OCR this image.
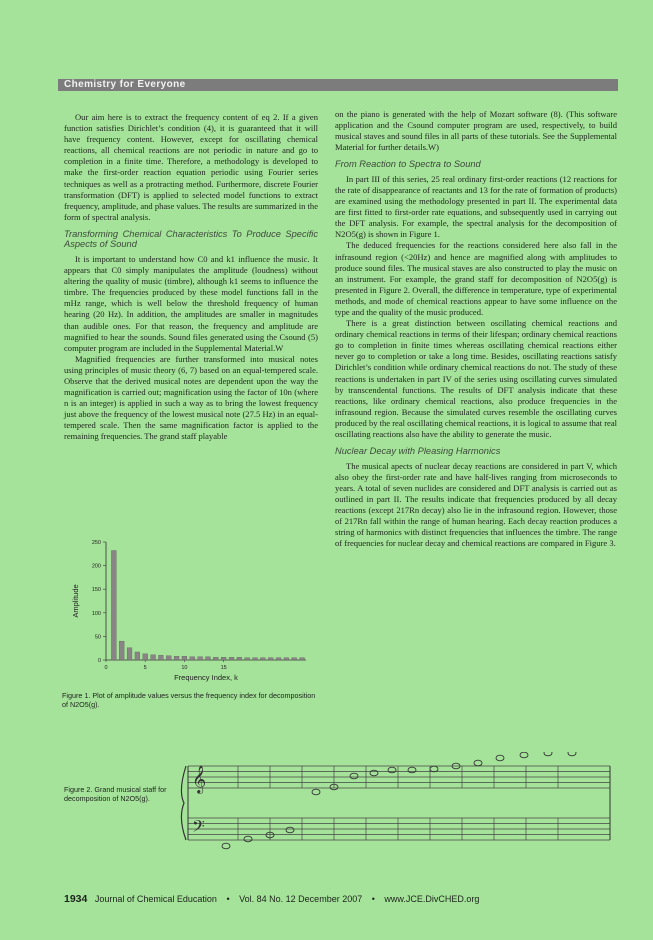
Chemistry for Everyone

Our aim here is to extract the frequency content of eq 2. If a given function satisfies Dirichlet’s condition (4), it is guaranteed that it will have frequency content. However, except for oscillating chemical reactions, all chemical reactions are not periodic in nature and go to completion in a finite time. Therefore, a methodology is developed to make the first-order reaction equation periodic using Fourier series techniques as well as a protracting method. Furthermore, discrete Fourier transformation (DFT) is applied to selected model functions to extract frequency, amplitude, and phase values. The results are summarized in the form of spectral analysis.

Transforming Chemical Characteristics To Produce Specific Aspects of Sound

It is important to understand how C0 and k1 influence the music. It appears that C0 simply manipulates the amplitude (loudness) without altering the quality of music (timbre), although k1 seems to influence the timbre. The frequencies produced by these model functions fall in the mHz range, which is well below the threshold frequency of human hearing (20 Hz). In addition, the amplitudes are smaller in magnitudes than audible ones. For that reason, the frequency and amplitude are magnified to hear the sounds. Sound files generated using the Csound (5) computer program are included in the Supplemental Material.W

Magnified frequencies are further transformed into musical notes using principles of music theory (6, 7) based on an equal-tempered scale. Observe that the derived musical notes are dependent upon the way the magnification is carried out; magnification using the factor of 10n (where n is an integer) is applied in such a way as to bring the lowest frequency just above the frequency of the lowest musical note (27.5 Hz) in an equal-tempered scale. Then the same magnification factor is applied to the remaining frequencies. The grand staff playable

on the piano is generated with the help of Mozart software (8). (This software application and the Csound computer program are used, respectively, to build musical staves and sound files in all parts of these tutorials. See the Supplemental Material for further details.W)

From Reaction to Spectra to Sound

In part III of this series, 25 real ordinary first-order reactions (12 reactions for the rate of disappearance of reactants and 13 for the rate of formation of products) are examined using the methodology presented in part II. The experimental data are first fitted to first-order rate equations, and subsequently used in carrying out the DFT analysis. For example, the spectral analysis for the decomposition of N2O5(g) is shown in Figure 1.

The deduced frequencies for the reactions considered here also fall in the infrasound region (<20Hz) and hence are magnified along with amplitudes to produce sound files. The musical staves are also constructed to play the music on an instrument. For example, the grand staff for decomposition of N2O5(g) is presented in Figure 2. Overall, the difference in temperature, type of experimental methods, and mode of chemical reactions appear to have some influence on the type and the quality of the music produced.

There is a great distinction between oscillating chemical reactions and ordinary chemical reactions in terms of their lifespan; ordinary chemical reactions go to completion in finite times whereas oscillating chemical reactions either never go to completion or take a long time. Besides, oscillating reactions satisfy Dirichlet’s condition while ordinary chemical reactions do not. The study of these reactions is undertaken in part IV of the series using oscillating curves simulated by transcendental functions. The results of DFT analysis indicate that these reactions, like ordinary chemical reactions, also produce frequencies in the infrasound region. Because the simulated curves resemble the oscillating curves produced by the real oscillating chemical reactions, it is logical to assume that real oscillating reactions also have the ability to generate the music.

Nuclear Decay with Pleasing Harmonics

The musical apects of nuclear decay reactions are considered in part V, which also obey the first-order rate and have half-lives ranging from microseconds to years. A total of seven nuclides are considered and DFT analysis is carried out as outlined in part II. The results indicate that frequencies produced by all decay reactions (except 217Rn decay) also lie in the infrasound region. However, those of 217Rn fall within the range of human hearing. Each decay reaction produces a string of harmonics with distinct frequencies that influences the timbre. The range of frequencies for nuclear decay and chemical reactions are compared in Figure 3.

0
50
100
150
200
250
0	5	10	15
Frequency Index, k
Amplitude
Figure 1. Plot of amplitude values versus the frequency index for decomposition of N2O5(g).
Figure 2. Grand musical staff for decomposition of N2O5(g).
𝄞
𝄢
1934 Journal of Chemical Education • Vol. 84 No. 12 December 2007 • www.JCE.DivCHED.org
